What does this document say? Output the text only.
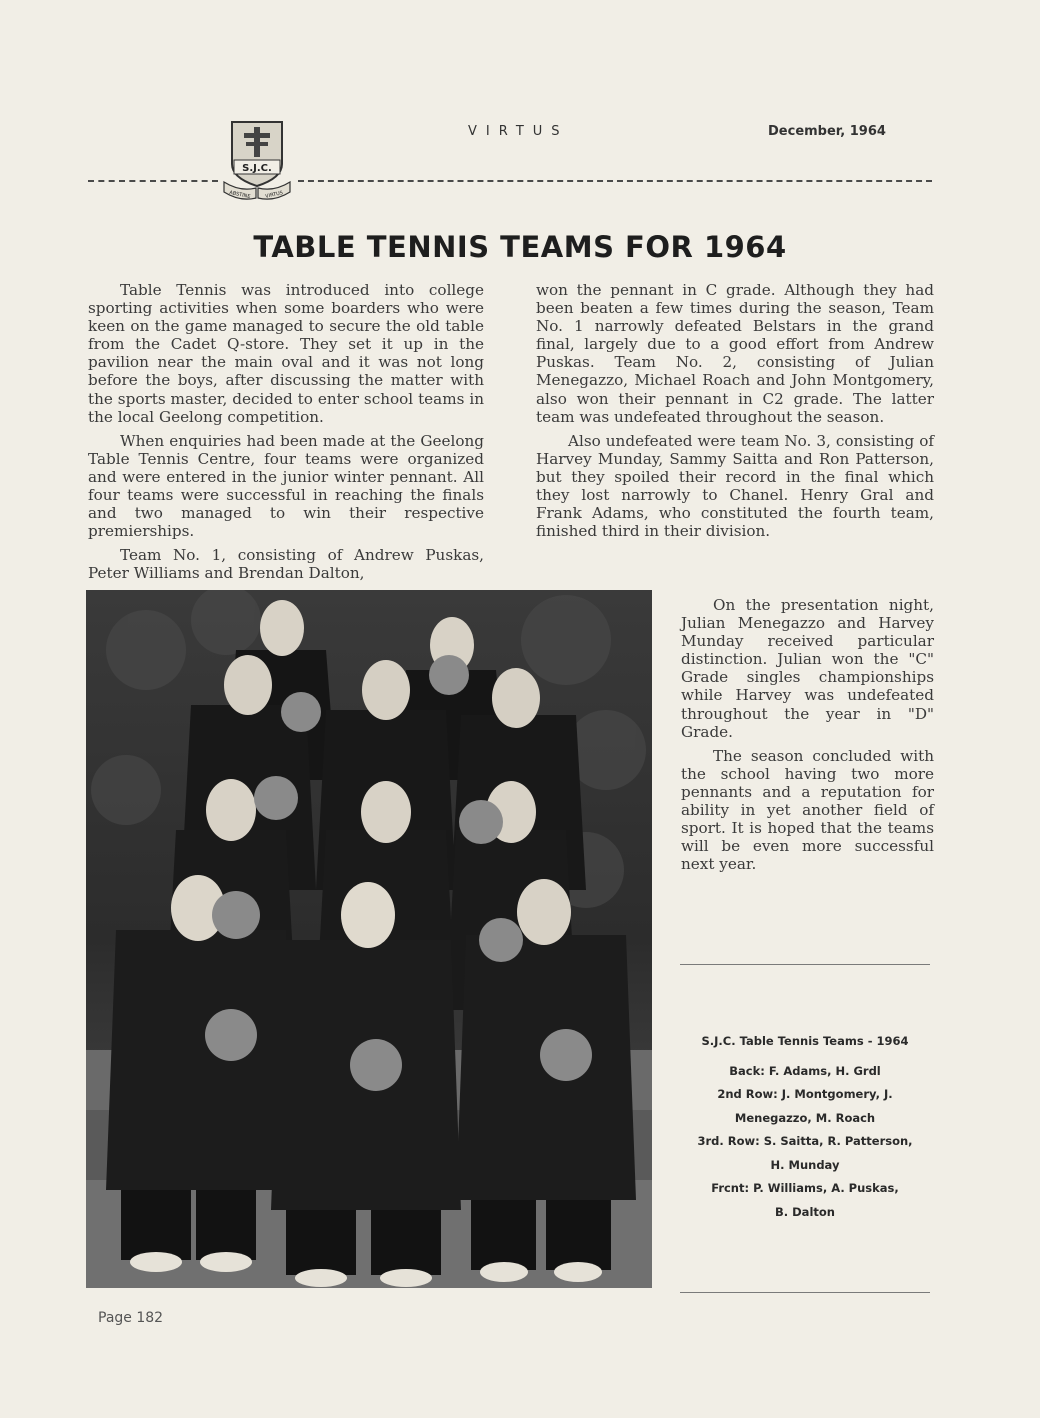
S.J.C.
ABSTINE	VIRTUS
VIRTUS	December, 1964
TABLE TENNIS TEAMS FOR 1964

Table Tennis was introduced into college sporting activities when some boarders who were keen on the game managed to secure the old table from the Cadet Q-store. They set it up in the pavilion near the main oval and it was not long before the boys, after discussing the matter with the sports master, decided to enter school teams in the local Geelong competition.

When enquiries had been made at the Geelong Table Tennis Centre, four teams were organized and were entered in the junior winter pennant. All four teams were successful in reaching the finals and two managed to win their respective premierships.

Team No. 1, consisting of Andrew Puskas, Peter Williams and Brendan Dalton,

won the pennant in C grade. Although they had been beaten a few times during the season, Team No. 1 narrowly defeated Belstars in the grand final, largely due to a good effort from Andrew Puskas. Team No. 2, consisting of Julian Menegazzo, Michael Roach and John Montgomery, also won their pennant in C2 grade. The latter team was undefeated throughout the season.

Also undefeated were team No. 3, consisting of Harvey Munday, Sammy Saitta and Ron Patterson, but they spoiled their record in the final which they lost narrowly to Chanel. Henry Gral and Frank Adams, who constituted the fourth team, finished third in their division.

On the presentation night, Julian Menegazzo and Harvey Munday received particular distinction. Julian won the "C" Grade singles championships while Harvey was undefeated throughout the year in "D" Grade.

The season concluded with the school having two more pennants and a reputation for ability in yet another field of sport. It is hoped that the teams will be even more successful next year.

S.J.C. Table Tennis Teams - 1964
Back: F. Adams, H. Grdl
2nd Row: J. Montgomery, J.
Menegazzo, M. Roach
3rd. Row: S. Saitta, R. Patterson,
H. Munday
Frcnt: P. Williams, A. Puskas,
B. Dalton
Page 182
